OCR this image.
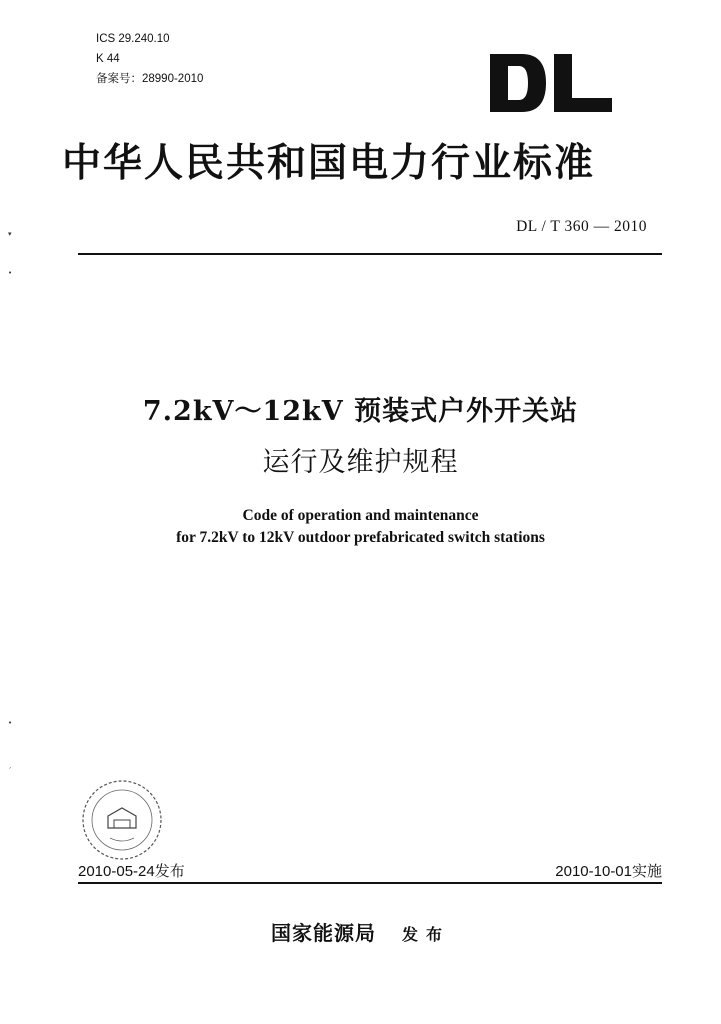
ICS 29.240.10
K 44
备案号：28990-2010
中华人民共和国电力行业标准
DL / T 360 — 2010
▾
•
•
ˏ
7.2kV～12kV 预装式户外开关站
运行及维护规程
Code of operation and maintenance
for 7.2kV to 12kV outdoor prefabricated switch stations
2010-05-24发布	2010-10-01实施
国家能源局 发布
